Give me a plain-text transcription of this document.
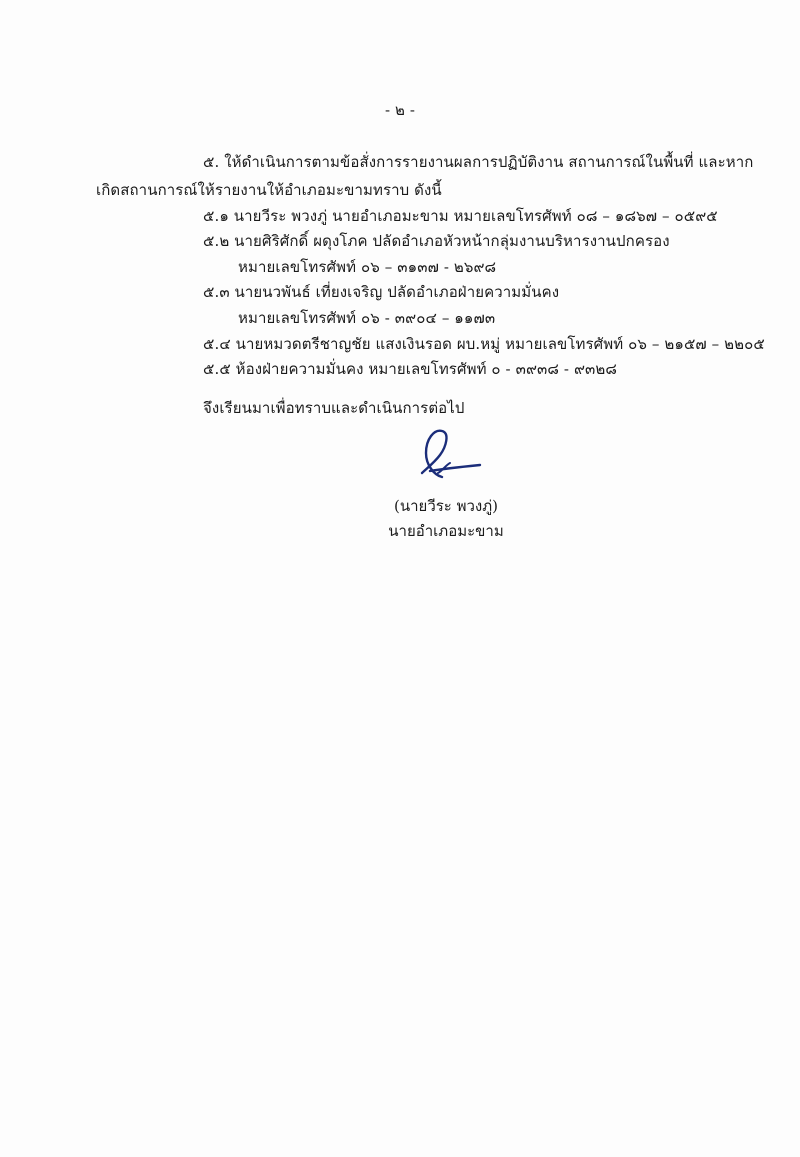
- ๒ -
๕. ให้ดำเนินการตามข้อสั่งการรายงานผลการปฏิบัติงาน สถานการณ์ในพื้นที่ และหาก
เกิดสถานการณ์ให้รายงานให้อำเภอมะขามทราบ ดังนี้
๕.๑ นายวีระ พวงภู่ นายอำเภอมะขาม หมายเลขโทรศัพท์ ๐๘ – ๑๘๖๗ – ๐๕๙๕
๕.๒ นายศิริศักดิ์ ผดุงโภค ปลัดอำเภอหัวหน้ากลุ่มงานบริหารงานปกครอง
หมายเลขโทรศัพท์ ๐๖ – ๓๑๓๗ - ๒๖๙๘
๕.๓ นายนวพันธ์ เที่ยงเจริญ ปลัดอำเภอฝ่ายความมั่นคง
หมายเลขโทรศัพท์ ๐๖ - ๓๙๐๔ – ๑๑๗๓
๕.๔ นายหมวดตรีชาญชัย แสงเงินรอด ผบ.หมู่ หมายเลขโทรศัพท์ ๐๖ – ๒๑๕๗ – ๒๒๐๕
๕.๕ ห้องฝ่ายความมั่นคง หมายเลขโทรศัพท์ ๐ - ๓๙๓๘ - ๙๓๒๘
จึงเรียนมาเพื่อทราบและดำเนินการต่อไป
(นายวีระ พวงภู่)
นายอำเภอมะขาม
